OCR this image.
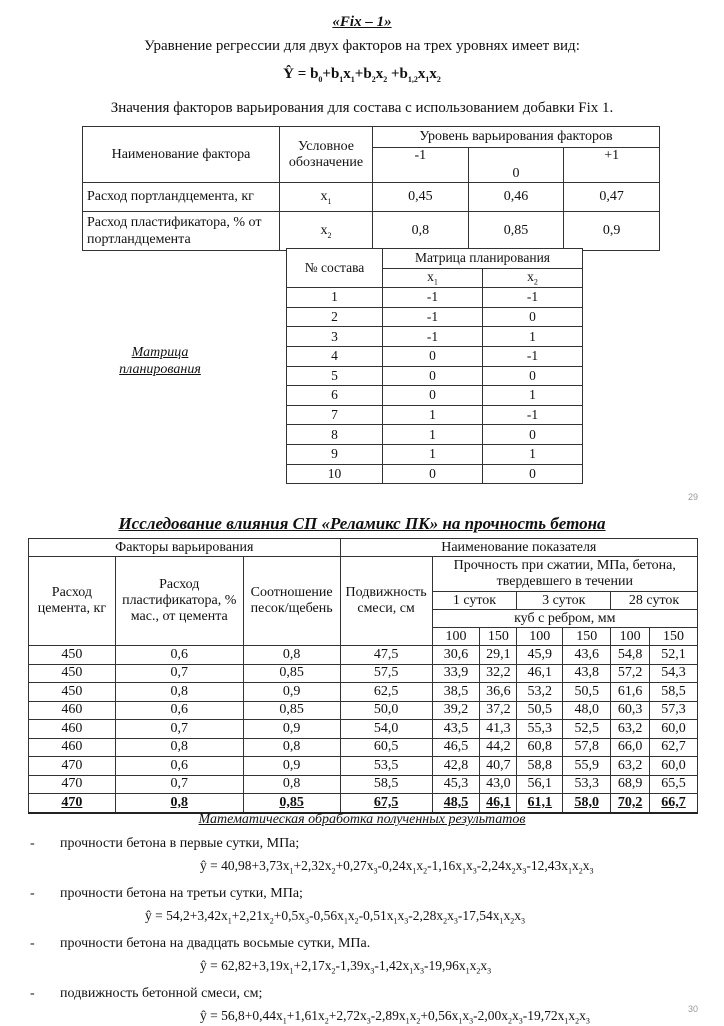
«Fix – 1»
Уравнение регрессии для двух факторов на трех уровнях имеет вид:
Ŷ = $b_0+b_1x_1+b_2x_2 +b_{1,2}x_1x_2$
Значения факторов варьирования для состава с использованием добавки Fix 1.
Наименование фактора	Условное обозначение	Уровень варьирования факторов		
		-1	0	+1
Расход портландцемента, кг	$x_1$	0,45	0,46	0,47
Расход пластификатора, % от портландцемента	$x_2$	0,8	0,85	0,9
Матрица планирования
№ состава	Матрица планирования	
	$x_1$	$x_2$
1	-1	-1
2	-1	0
3	-1	1
4	0	-1
5	0	0
6	0	1
7	1	-1
8	1	0
9	1	1
10	0	0
29
Исследование влияния СП «Реламикс ПК» на прочность бетона
Факторы варьирования			Наименование показателя						
Расход цемента, кг	Расход пластификатора, % мас., от цемента	Соотношение песок/щебень	Подвижность смеси, см	Прочность при сжатии, МПа, бетона, твердевшего в течении					
				1 суток		3 суток		28 суток	
				куб с ребром, мм					
				100	150	100	150	100	150
450	0,6	0,8	47,5	30,6	29,1	45,9	43,6	54,8	52,1
450	0,7	0,85	57,5	33,9	32,2	46,1	43,8	57,2	54,3
450	0,8	0,9	62,5	38,5	36,6	53,2	50,5	61,6	58,5
460	0,6	0,85	50,0	39,2	37,2	50,5	48,0	60,3	57,3
460	0,7	0,9	54,0	43,5	41,3	55,3	52,5	63,2	60,0
460	0,8	0,8	60,5	46,5	44,2	60,8	57,8	66,0	62,7
470	0,6	0,9	53,5	42,8	40,7	58,8	55,9	63,2	60,0
470	0,7	0,8	58,5	45,3	43,0	56,1	53,3	68,9	65,5
470	0,8	0,85	67,5	48,5	46,1	61,1	58,0	70,2	66,7
Математическая обработка полученных результатов
- прочности бетона в первые сутки, МПа;
ŷ = $40,98+3,73x_1+2,32x_2+0,27x_3-0,24x_1x_2-1,16x_1x_3-2,24x_2x_3-12,43x_1x_2x_3$
- прочности бетона на третьи сутки, МПа;
ŷ = $54,2+3,42x_1+2,21x_2+0,5x_3-0,56x_1x_2-0,51x_1x_3-2,28x_2x_3-17,54x_1x_2x_3$
- прочности бетона на двадцать восьмые сутки, МПа.
ŷ = $62,82+3,19x_1+2,17x_2-1,39x_3-1,42x_1x_3-19,96x_1x_2x_3$
- подвижность бетонной смеси, см;
ŷ = $56,8+0,44x_1+1,61x_2+2,72x_3-2,89x_1x_2+0,56x_1x_3-2,00x_2x_3-19,72x_1x_2x_3$
30
